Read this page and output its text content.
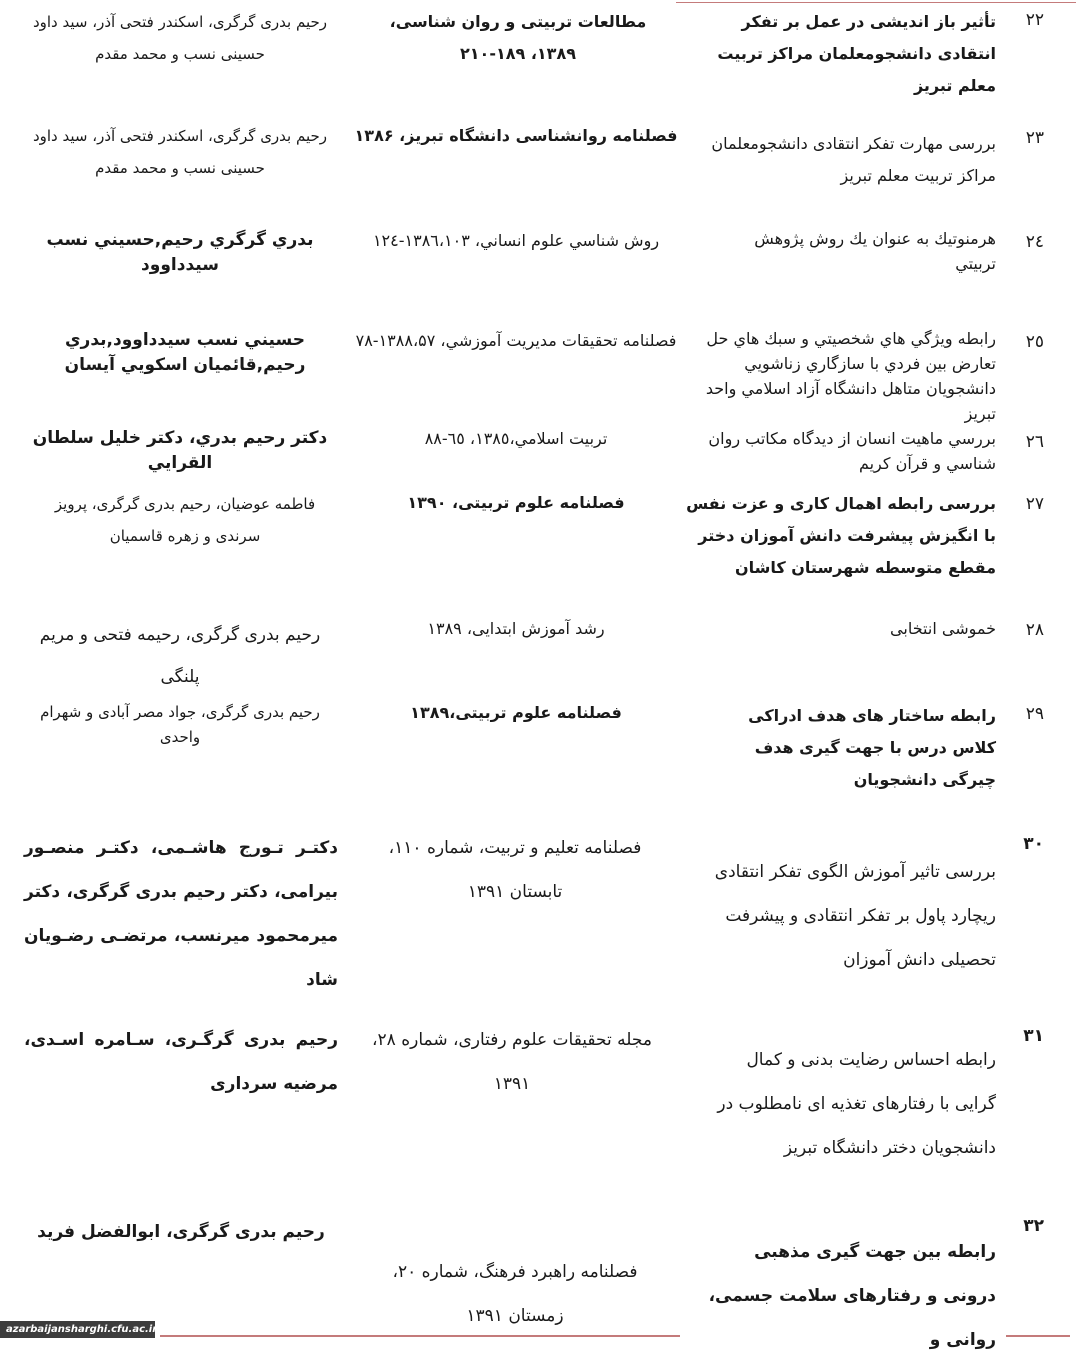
۲۲
تأثیر باز اندیشی در عمل بر تفکر انتقادی دانشجومعلمان مراکز تربیت معلم تبریز
مطالعات تربیتی و روان شناسی، ۱۳۸۹، ۱۸۹-۲۱۰
رحیم بدری گرگری، اسکندر فتحی آذر، سید داود حسینی نسب و محمد مقدم
۲۳
بررسی مهارت تفکر انتقادی دانشجومعلمان مراکز تربیت معلم تبریز
فصلنامه روانشناسی دانشگاه تبریز، ۱۳۸۶
رحیم بدری گرگری، اسکندر فتحی آذر، سید داود حسینی نسب و محمد مقدم
۲٤
هرمنوتيك به عنوان يك روش پژوهش تربيتي
روش شناسي علوم انساني، ۱۳۸٦،۱۰۳-۱۲٤
بدري گرگري رحيم,حسيني نسب سيدداوود
۲٥
رابطه ويژگي هاي شخصيتي و سبك هاي حل تعارض بين فردي با سازگاري زناشويي دانشجويان متاهل دانشگاه آزاد اسلامي واحد تبريز
فصلنامه تحقيقات مديريت آموزشي، ۱۳۸۸،۵۷-۷۸
حسيني نسب سيدداوود,بدري رحيم,قائميان اسكويي آيسان
۲٦
بررسي ماهيت انسان از ديدگاه مكاتب روان شناسي و قرآن كريم
تربيت اسلامي،۱۳۸٥، ٦٥-۸۸
دكتر رحيم بدري، دكتر خليل سلطان القرايي
۲۷
بررسی رابطه اهمال کاری و عزت نفس با انگیزش پیشرفت دانش آموزان دختر مقطع متوسطه شهرستان کاشان
فصلنامه علوم تربیتی، ۱۳۹۰
فاطمه عوضیان، رحیم بدری گرگری، پرویز سرندی و زهره قاسمیان
۲۸
خموشی انتخابی
رشد آموزش ابتدایی، ۱۳۸۹
رحیم بدری گرگری، رحیمه فتحی و مریم پلنگی
۲۹
رابطه ساختار های هدف ادراکی کلاس درس با جهت گیری هدف چیرگی دانشجویان
فصلنامه علوم تربیتی،۱۳۸۹
رحیم بدری گرگری، جواد مصر آبادی و شهرام واحدی
۳۰
بررسی تاثیر آموزش الگوی تفکر انتقادی ریچارد پاول بر تفکر انتقادی و پیشرفت تحصیلی دانش آموزان
فصلنامه تعلیم و تربیت، شماره ۱۱۰، تابستان ۱۳۹۱
دکتـر تـورج هاشـمی، دکتـر منصـور بیرامی، دکتر رحیم بدری گرگری، دکتر میرمحمود میرنسب، مرتضـی رضـویان شاد
۳۱
رابطه احساس رضایت بدنی و کمال گرایی با رفتارهای تغذیه ای نامطلوب در دانشجویان دختر دانشگاه تبریز
مجله تحقیقات علوم رفتاری، شماره ۲۸، ۱۳۹۱
رحیم بدری گرگـری، سـامره اسـدی، مرضیه سرداری
۳۲
رابطه بین جهت گیری مذهبی درونی و رفتارهای سلامت جسمی، روانی و
فصلنامه راهبرد فرهنگ، شماره ۲۰، زمستان ۱۳۹۱
رحیم بدری گرگری، ابوالفضل فرید
azarbaijansharghi.cfu.ac.ir
